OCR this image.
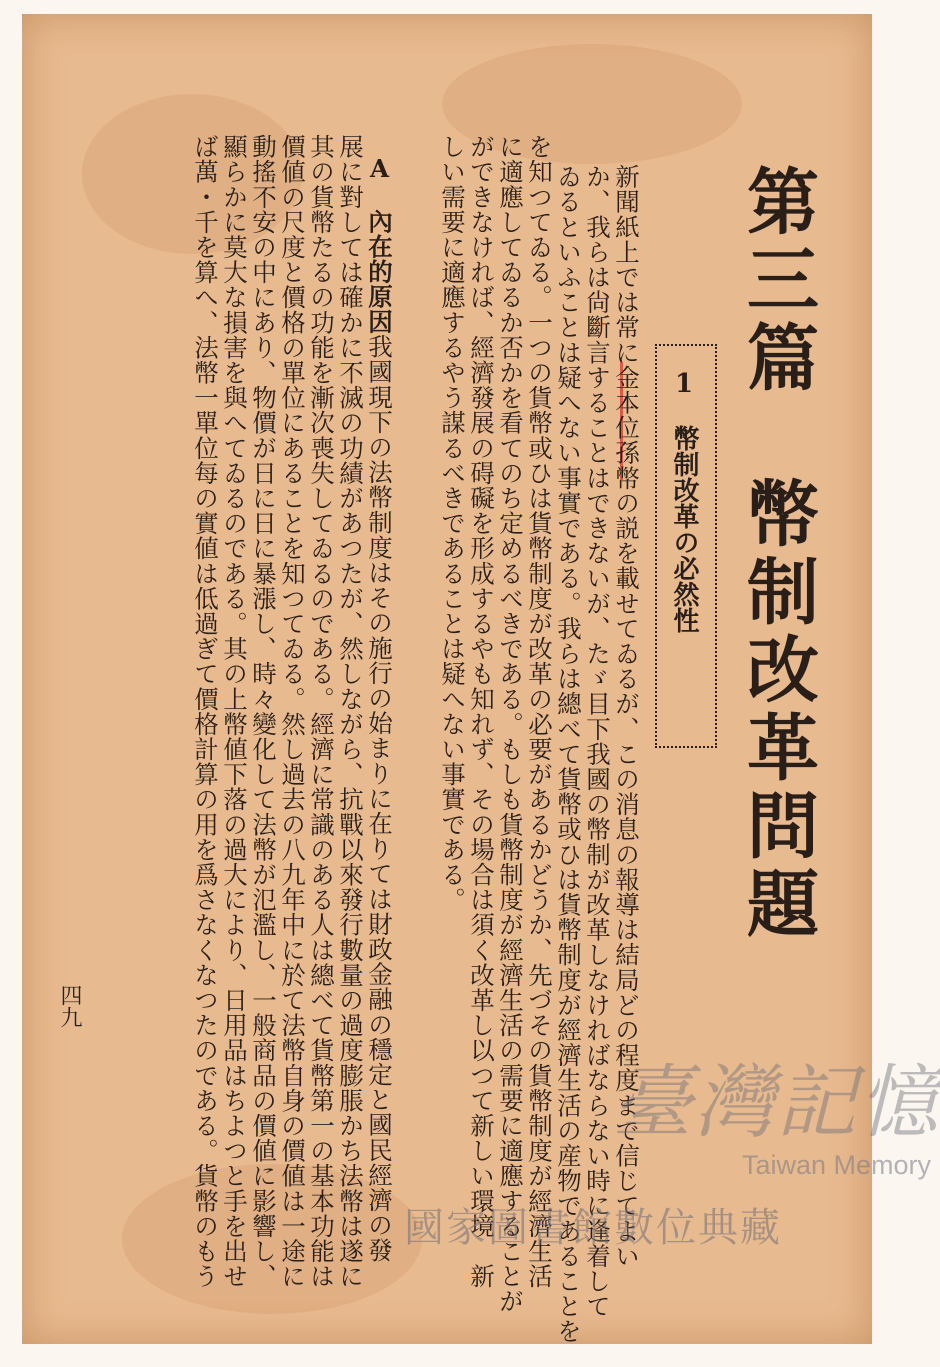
第三篇　幣制改革問題
1　幣制改革の必然性
新聞紙上では常に金本位孫幣の説を載せてゐるが、この消息の報導は結局どの程度まで信じてよい
か、我らは尙斷言することはできないが、たゞ目下我國の幣制が改革しなければならない時に逢着して
ゐるといふことは疑へない事實である。我らは總べて貨幣或ひは貨幣制度が經濟生活の産物であることを
を知つてゐる。一つの貨幣或ひは貨幣制度が改革の必要があるかどうか、先づその貨幣制度が經濟生活
に適應してゐるか否かを看てのち定めるべきである。もしも貨幣制度が經濟生活の需要に適應することが
ができなければ、經濟發展の碍礙を形成するやも知れず、その場合は須く改革し以つて新しい環境　新
しい需要に適應するやう謀るべきであることは疑へない事實である。
A　內在的原因
我國現下の法幣制度はその施行の始まりに在りては財政金融の穩定と國民經濟の發
展に對しては確かに不滅の功績があつたが、然しながら、抗戰以來發行數量の過度膨脹かち法幣は遂に
其の貨幣たるの功能を漸次喪失してゐるのである。經濟に常識のある人は總べて貨幣第一の基本功能は
價値の尺度と價格の單位にあることを知つてゐる。然し過去の八九年中に於て法幣自身の價値は一途に
動搖不安の中にあり、物價が日に日に暴漲し、時々變化して法幣が氾濫し、一般商品の價値に影響し、
顯らかに莫大な損害を與へてゐるのである。其の上幣値下落の過大により、日用品はちよつと手を出せ
ば萬・千を算へ、法幣一單位每の實値は低過ぎて價格計算の用を爲さなくなつたのである。貨幣のもう
四九
臺灣記憶
Taiwan Memory
國家圖書館數位典藏
